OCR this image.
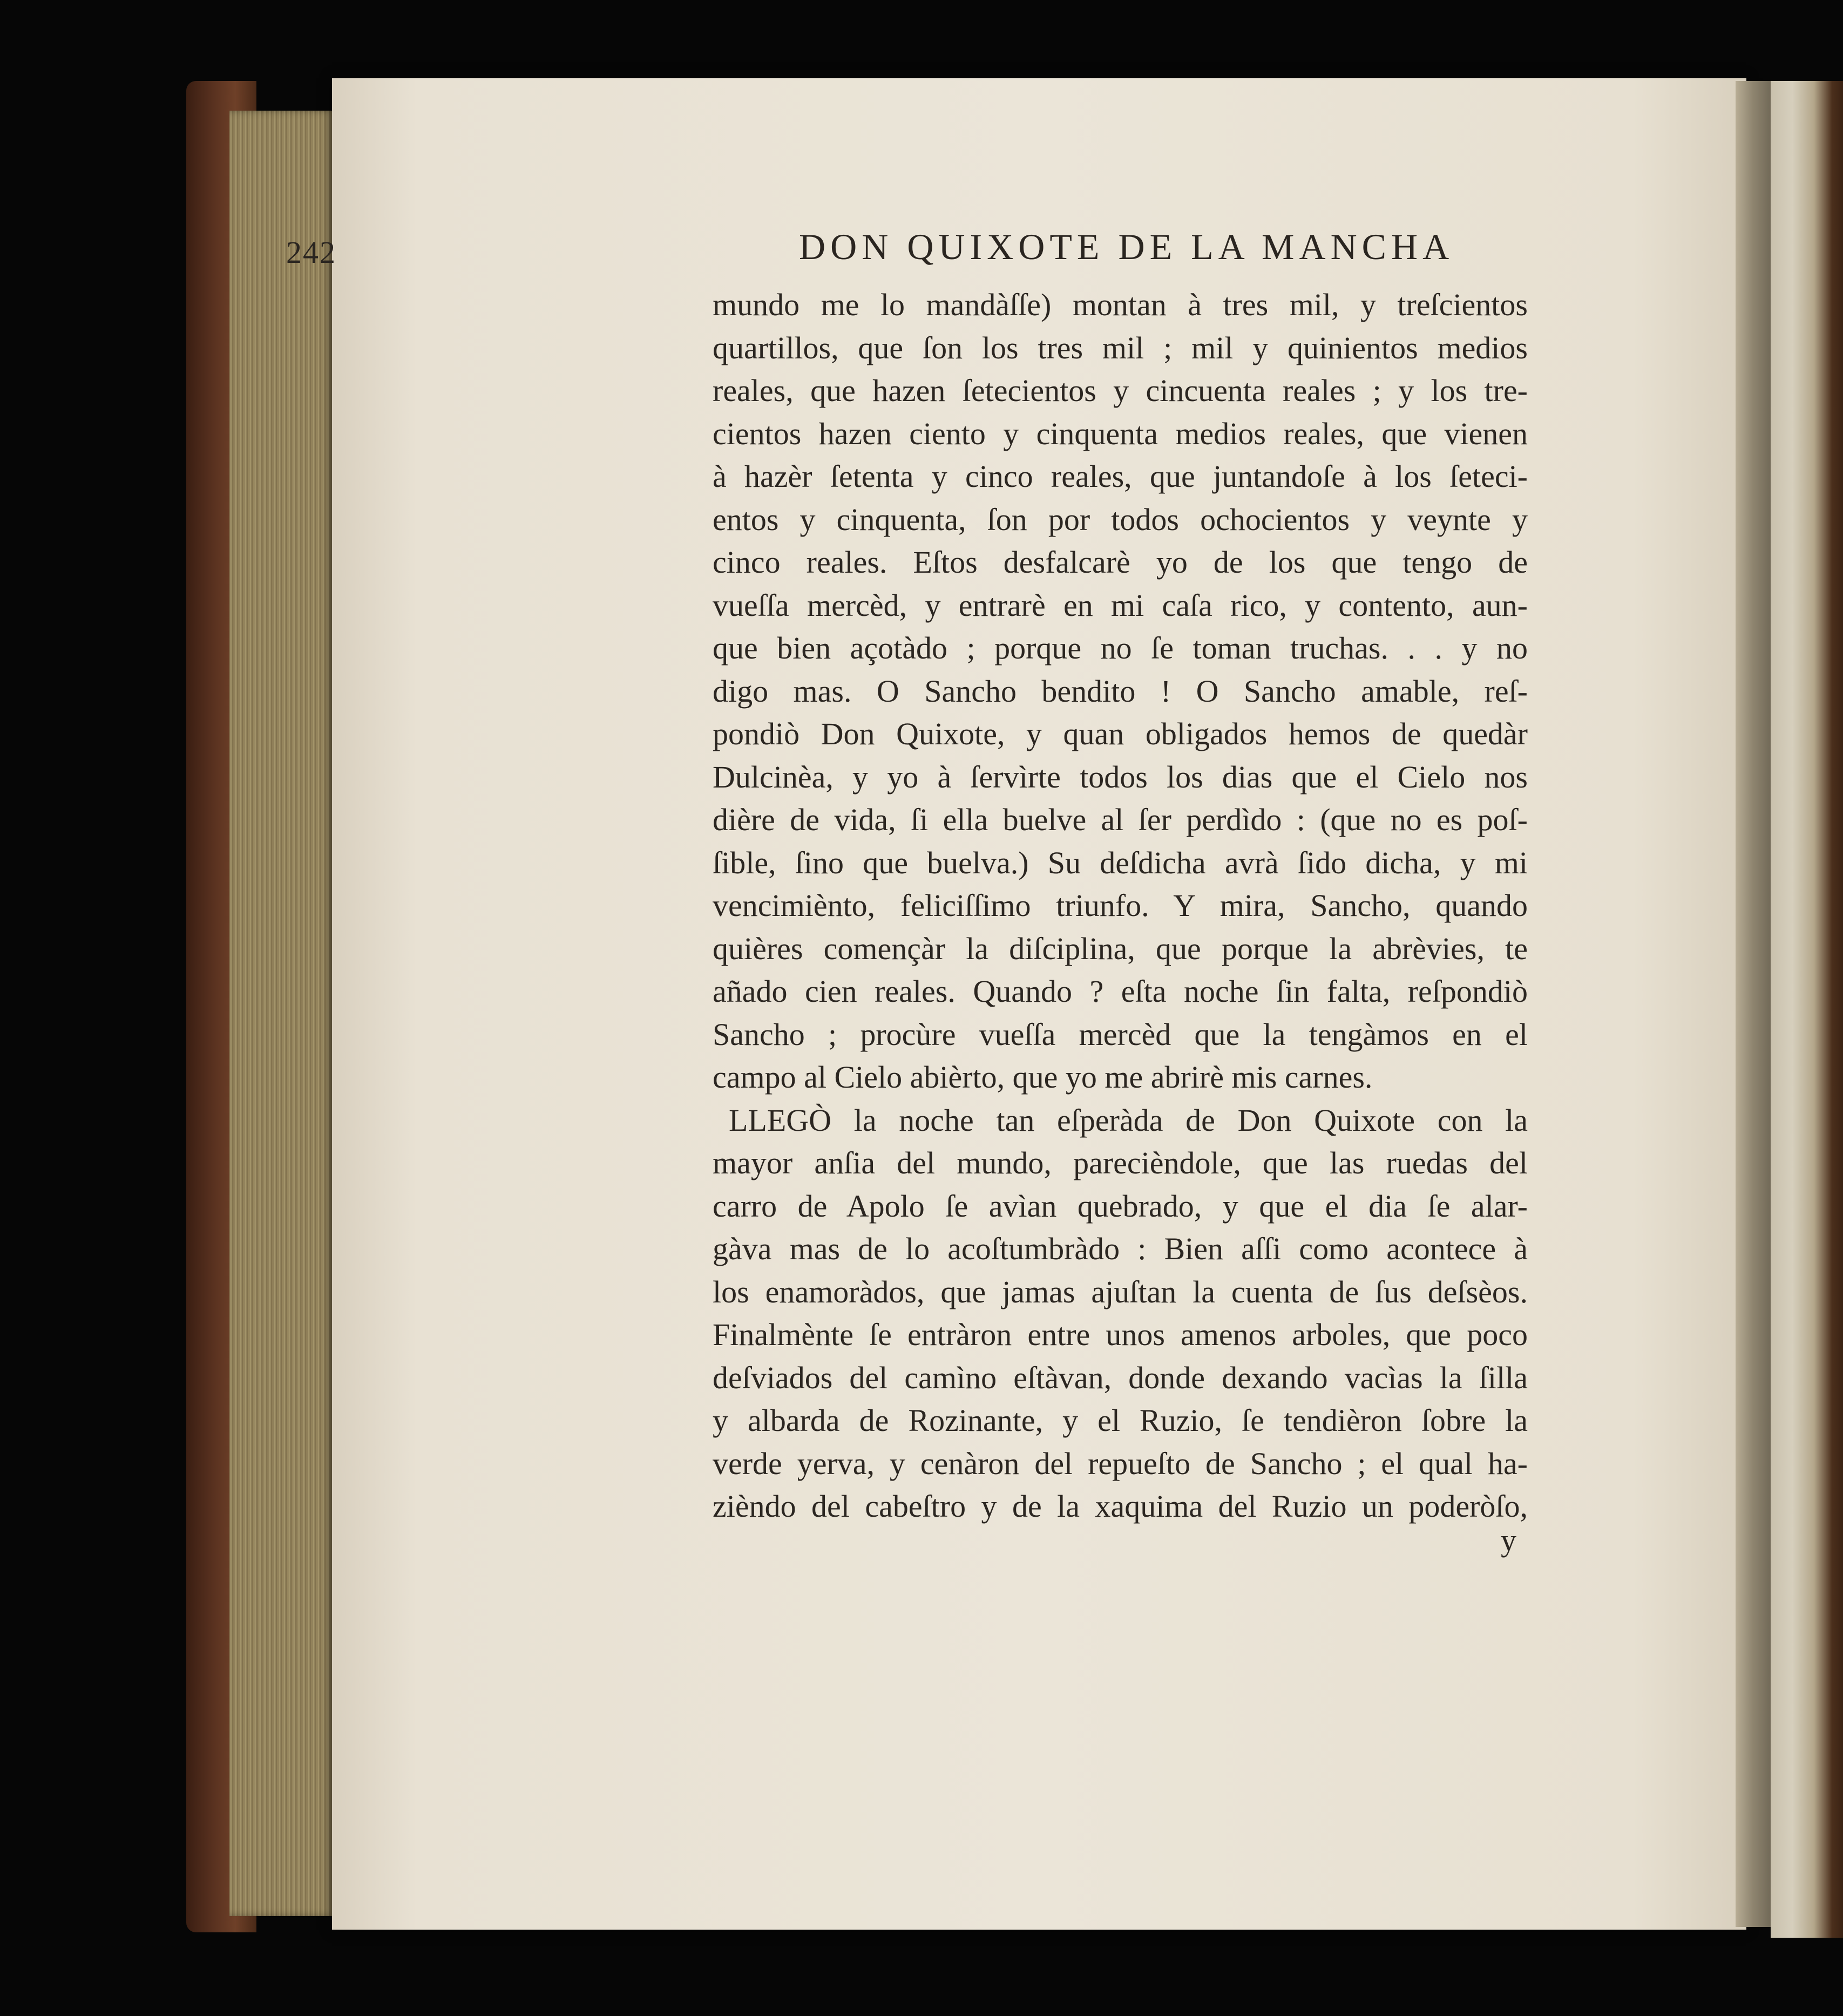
242	DON QUIXOTE DE LA MANCHA
mundo me lo mandàſſe) montan à tres mil, y treſcientos
quartillos, que ſon los tres mil ; mil y quinientos medios
reales, que hazen ſetecientos y cincuenta reales ; y los tre-
cientos hazen ciento y cinquenta medios reales, que vienen
à hazèr ſetenta y cinco reales, que juntandoſe à los ſeteci-
entos y cinquenta, ſon por todos ochocientos y veynte y
cinco reales. Eſtos desfalcarè yo de los que tengo de
vueſſa mercèd, y entrarè en mi caſa rico, y contento, aun-
que bien açotàdo ; porque no ſe toman truchas. . . y no
digo mas. O Sancho bendito ! O Sancho amable, reſ-
pondiò Don Quixote, y quan obligados hemos de quedàr
Dulcinèa, y yo à ſervìrte todos los dias que el Cielo nos
dière de vida, ſi ella buelve al ſer perdìdo : (que no es poſ-
ſible, ſino que buelva.) Su deſdicha avrà ſido dicha, y mi
vencimiènto, feliciſſimo triunfo. Y mira, Sancho, quando
quières començàr la diſciplina, que porque la abrèvies, te
añado cien reales. Quando ? eſta noche ſin falta, reſpondiò
Sancho ; procùre vueſſa mercèd que la tengàmos en el
campo al Cielo abièrto, que yo me abrirè mis carnes.
LLEGÒ la noche tan eſperàda de Don Quixote con la
mayor anſia del mundo, parecièndole, que las ruedas del
carro de Apolo ſe avìan quebrado, y que el dia ſe alar-
gàva mas de lo acoſtumbràdo : Bien aſſi como acontece à
los enamoràdos, que jamas ajuſtan la cuenta de ſus deſsèos.
Finalmènte ſe entràron entre unos amenos arboles, que poco
deſviados del camìno eſtàvan, donde dexando vacìas la ſilla
y albarda de Rozinante, y el Ruzio, ſe tendièron ſobre la
verde yerva, y cenàron del repueſto de Sancho ; el qual ha-
zièndo del cabeſtro y de la xaquima del Ruzio un poderòſo,
y
